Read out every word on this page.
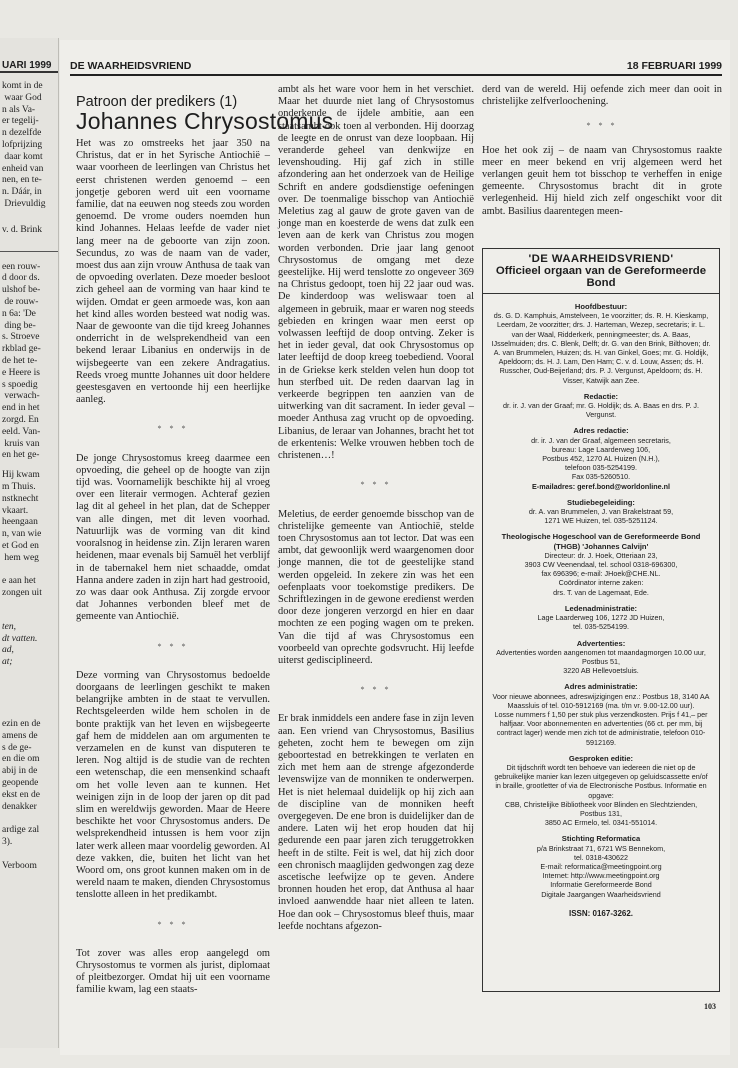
UARI 1999
komt in de
waar God
n als Va-
er tegelij-
n dezelfde
lofprijzing
daar komt
enheid van
nen, en te-
n. Dáár, in
Drievuldig
v. d. Brink
een rouw-
d door ds.
ulshof be-
de rouw-
n 6a: 'De
ding be-
s. Stroeve
rkblad ge-
de het te-
e Heere is
s spoedig
verwach-
end in het
zorgd. En
eeld. Van-
kruis van
en het ge-
Hij kwam
m Thuis.
nstknecht
vkaart.
heengaan
n, van wie
et God en
hem weg

e aan het
zongen uit
ten,
dt vatten.
ad,
at;
ezin en de
amens de
s de ge-
en die om
abij in de
geopende
ekst en de
denakker

ardige zal
3).

Verboom
DE WAARHEIDSVRIEND	18 FEBRUARI 1999
Patroon der predikers (1)
Johannes Chrysostomus

Het was zo omstreeks het jaar 350 na Christus, dat er in het Syrische Antiochië – waar voorheen de leerlingen van Christus het eerst christenen werden genoemd – een jongetje geboren werd uit een voorname familie, dat na eeuwen nog steeds zou worden genoemd. De vrome ouders noemden hun kind Johannes. Helaas leefde de vader niet lang meer na de geboorte van zijn zoon. Secundus, zo was de naam van de vader, moest dus aan zijn vrouw Anthusa de taak van de opvoeding overlaten. Deze moeder besloot zich geheel aan de vorming van haar kind te wijden. Omdat er geen armoede was, kon aan het kind alles worden besteed wat nodig was. Naar de gewoonte van die tijd kreeg Johannes onderricht in de welsprekendheid van een bekend leraar Libanius en onderwijs in de wijsbegeerte van een zekere Andragatius. Reeds vroeg muntte Johannes uit door heldere geestesgaven en vertoonde hij een heerlijke aanleg.

* * *

De jonge Chrysostomus kreeg daarmee een opvoeding, die geheel op de hoogte van zijn tijd was. Voornamelijk beschikte hij al vroeg over een literair vermogen. Achteraf gezien lag dit al geheel in het plan, dat de Schepper van alle dingen, met dit leven voorhad. Natuurlijk was de vorming van dit kind vooralsnog in heidense zin. Zijn leraren waren heidenen, maar evenals bij Samuël het verblijf in de tabernakel hem niet schaadde, omdat Hanna andere zaden in zijn hart had gestrooid, zo was daar ook Anthusa. Zij zorgde ervoor dat Johannes verbonden bleef met de gemeente van Antiochië.

* * *

Deze vorming van Chrysostomus bedoelde doorgaans de leerlingen geschikt te maken belangrijke ambten in de staat te vervullen. Rechtsgeleerden wilde hem scholen in de bonte praktijk van het leven en wijsbegeerte gaf hem de middelen aan om argumenten te verzamelen en de kunst van disputeren te leren. Nog altijd is de studie van de rechten een wetenschap, die een mensenkind schaaft om het volle leven aan te kunnen. Het weinigen zijn in de loop der jaren op dit pad slim en wereldwijs geworden. Maar de Heere beschikte het voor Chrysostomus anders. De welsprekendheid intussen is hem voor zijn later werk alleen maar voordelig geworden. Al deze vakken, die, buiten het licht van het Woord om, ons groot kunnen maken om in de wereld naam te maken, dienden Chrysostomus tenslotte alleen in het predikambt.

* * *

Tot zover was alles erop aangelegd om Chrysostomus te vormen als jurist, diplomaat of pleitbezorger. Omdat hij uit een voorname familie kwam, lag een staats-

ambt als het ware voor hem in het verschiet. Maar het duurde niet lang of Chrysostomus onderkende de ijdele ambitie, aan een staatsambt ook toen al verbonden. Hij doorzag de leegte en de onrust van deze loopbaan. Hij veranderde geheel van denkwijze en levenshouding. Hij gaf zich in stille afzondering aan het onderzoek van de Heilige Schrift en andere godsdienstige oefeningen over. De toenmalige bisschop van Antiochië Meletius zag al gauw de grote gaven van de jonge man en koesterde de wens dat zulk een leven aan de kerk van Christus zou mogen worden verbonden. Drie jaar lang genoot Chrysostomus de omgang met deze geestelijke. Hij werd tenslotte zo ongeveer 369 na Christus gedoopt, toen hij 22 jaar oud was. De kinderdoop was weliswaar toen al algemeen in gebruik, maar er waren nog steeds gebieden en kringen waar men eerst op volwassen leeftijd de doop ontving. Zeker is het in ieder geval, dat ook Chrysostomus op later leeftijd de doop kreeg toebediend. Vooral in de Griekse kerk stelden velen hun doop tot hun sterfbed uit. De reden daarvan lag in verkeerde begrippen ten aanzien van de uitwerking van dit sacrament. In ieder geval – moeder Anthusa zag vrucht op de opvoeding. Libanius, de leraar van Johannes, bracht het tot de erkentenis: Welke vrouwen hebben toch de christenen…!

* * *

Meletius, de eerder genoemde bisschop van de christelijke gemeente van Antiochië, stelde toen Chrysostomus aan tot lector. Dat was een ambt, dat gewoonlijk werd waargenomen door jonge mannen, die tot de geestelijke stand werden opgeleid. In zekere zin was het een oefenplaats voor toekomstige predikers. De Schriftlezingen in de gewone eredienst werden door deze jongeren verzorgd en hier en daar mochten ze een poging wagen om te preken. Van die tijd af was Chrysostomus een voorbeeld van oprechte godsvrucht. Hij leefde uiterst gedisciplineerd.

* * *

Er brak inmiddels een andere fase in zijn leven aan. Een vriend van Chrysostomus, Basilius geheten, zocht hem te bewegen om zijn geboortestad en betrekkingen te verlaten en zich met hem aan de strenge afgezonderde levenswijze van de monniken te onderwerpen. Het is niet helemaal duidelijk op hij zich aan de discipline van de monniken heeft overgegeven. De ene bron is duidelijker dan de andere. Laten wij het erop houden dat hij gedurende een paar jaren zich teruggetrokken heeft in de stilte. Feit is wel, dat hij zich door een chronisch maaglijden gedwongen zag deze ascetische leefwijze op te geven. Andere bronnen houden het erop, dat Anthusa al haar invloed aanwendde haar niet alleen te laten. Hoe dan ook – Chrysostomus bleef thuis, maar leefde nochtans afgezon-

derd van de wereld. Hij oefende zich meer dan ooit in christelijke zelfverloochening.

* * *

Hoe het ook zij – de naam van Chrysostomus raakte meer en meer bekend en vrij algemeen werd het verlangen geuit hem tot bisschop te verheffen in enige gemeente. Chrysostomus bracht dit in grote verlegenheid. Hij hield zich zelf ongeschikt voor dit ambt. Basilius daarentegen meen-

'DE WAARHEIDSVRIEND'
Officieel orgaan van de Gereformeerde Bond
Hoofdbestuur:
ds. G. D. Kamphuis, Amstelveen, 1e voorzitter; ds. R. H. Kieskamp, Leerdam, 2e voorzitter; drs. J. Harteman, Wezep, secretaris; ir. L. van der Waal, Ridderkerk, penningmeester; ds. A. Baas, IJsselmuiden; drs. C. Blenk, Delft; dr. G. van den Brink, Bilthoven; dr. A. van Brummelen, Huizen; ds. H. van Ginkel, Goes; mr. G. Holdijk, Apeldoorn; ds. H. J. Lam, Den Ham; C. v. d. Louw, Assen; ds. H. Russcher, Oud-Beijerland; drs. P. J. Vergunst, Apeldoorn; ds. H. Visser, Katwijk aan Zee.
Redactie:
dr. ir. J. van der Graaf; mr. G. Holdijk; ds. A. Baas en drs. P. J. Vergunst.
Adres redactie:
dr. ir. J. van der Graaf, algemeen secretaris,
bureau: Lage Laarderweg 106,
Postbus 452, 1270 AL Huizen (N.H.),
telefoon 035-5254199.
Fax 035-5260510.
E-mailadres: geref.bond@worldonline.nl
Studiebegeleiding:
dr. A. van Brummelen, J. van Brakelstraat 59,
1271 WE Huizen, tel. 035-5251124.
Theologische Hogeschool van de Gereformeerde Bond (THGB) 'Johannes Calvijn'
Directeur: dr. J. Hoek, Otteriaan 23,
3903 CW Veenendaal, tel. school 0318-696300,
fax 696396; e-mail: JHoek@CHE.NL.
Coördinator interne zaken:
drs. T. van de Lagemaat, Ede.
Ledenadministratie:
Lage Laarderweg 106, 1272 JD Huizen,
tel. 035-5254199.
Advertenties:
Advertenties worden aangenomen tot maandagmorgen 10.00 uur, Postbus 51,
3220 AB Hellevoetsluis.
Adres administratie:
Voor nieuwe abonnees, adreswijzigingen enz.: Postbus 18, 3140 AA Maassluis of tel. 010-5912169 (ma. t/m vr. 9.00-12.00 uur).
Losse nummers f 1,50 per stuk plus verzendkosten. Prijs f 41,– per halfjaar. Voor abonnementen en advertenties (66 ct. per mm, bij contract lager) wende men zich tot de administratie, telefoon 010-5912169.
Gesproken editie:
Dit tijdschrift wordt ten behoeve van iedereen die niet op de gebruikelijke manier kan lezen uitgegeven op geluidscassette en/of in braille, grootletter of via de Electronische Postbus. Informatie en opgave:
CBB, Christelijke Bibliotheek voor Blinden en Slechtzienden, Postbus 131,
3850 AC Ermelo, tel. 0341-551014.
Stichting Reformatica
p/a Brinkstraat 71, 6721 WS Bennekom,
tel. 0318-430622
E-mail: reformatica@meetingpoint.org
Internet: http://www.meetingpoint.org
Informatie Gereformeerde Bond
Digitale Jaargangen Waarheidsvriend
ISSN: 0167-3262.
103
